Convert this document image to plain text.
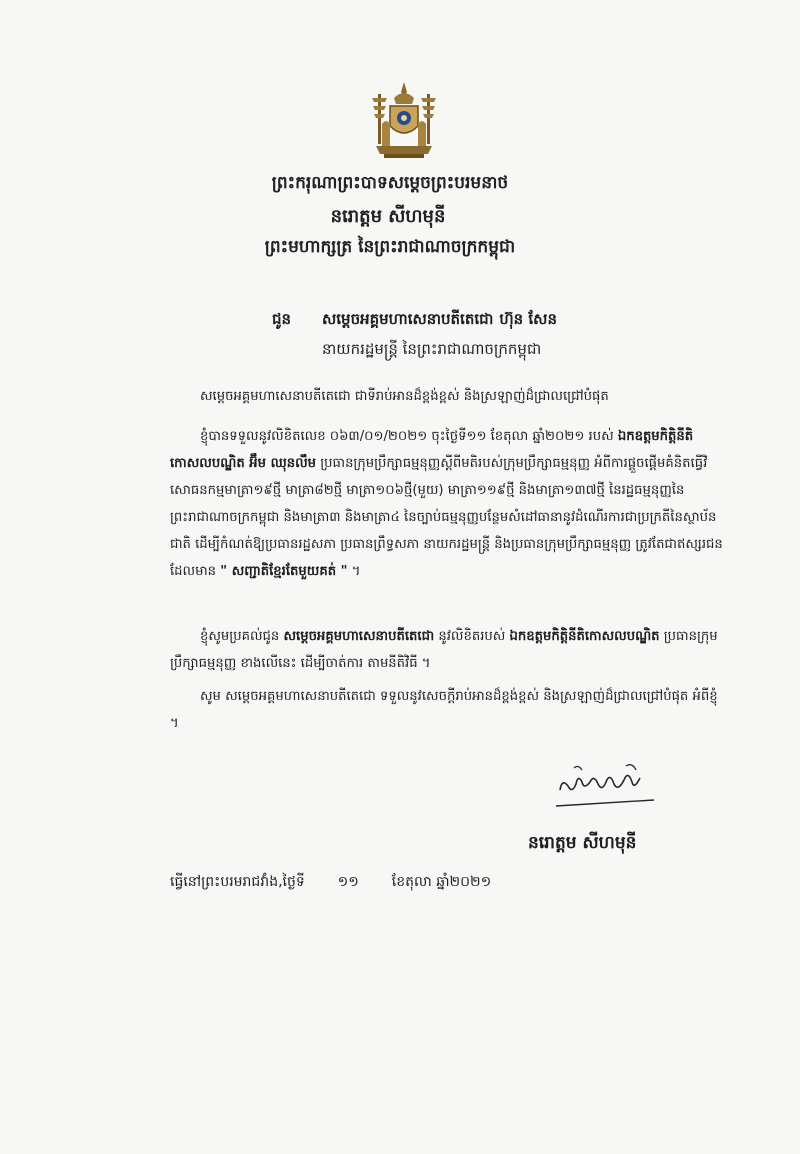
ព្រះករុណាព្រះបាទសម្តេចព្រះបរមនាថ
នរោត្តម សីហមុនី
ព្រះមហាក្សត្រ នៃព្រះរាជាណាចក្រកម្ពុជា
ជូន	សម្តេចអគ្គមហាសេនាបតីតេជោ ហ៊ុន សែន
នាយករដ្ឋមន្ត្រី នៃព្រះរាជាណាចក្រកម្ពុជា
សម្តេចអគ្គមហាសេនាបតីតេជោ ជាទីរាប់អានដ៏ខ្ពង់ខ្ពស់ និងស្រឡាញ់ដ៏ជ្រាលជ្រៅបំផុត
ខ្ញុំបានទទួលនូវលិខិតលេខ ០៦៣/០១/២០២១ ចុះថ្ងៃទី១១ ខែតុលា ឆ្នាំ២០២១ របស់ ឯកឧត្តមកិត្តិនីតិកោសលបណ្ឌិត អ៊ឹម ឈុនលឹម ប្រធានក្រុមប្រឹក្សាធម្មនុញ្ញស្តីពីមតិរបស់ក្រុមប្រឹក្សាធម្មនុញ្ញ អំពីការផ្តួចផ្តើមគំនិតធ្វើវិសោធនកម្មមាត្រា១៩ថ្មី មាត្រា៨២ថ្មី មាត្រា១០៦ថ្មី(មួយ) មាត្រា១១៩ថ្មី និងមាត្រា១៣៧ថ្មី នៃរដ្ឋធម្មនុញ្ញនៃព្រះរាជាណាចក្រកម្ពុជា និងមាត្រា៣ និងមាត្រា៤ នៃច្បាប់ធម្មនុញ្ញបន្ថែមសំដៅធានានូវដំណើរការជាប្រក្រតីនៃស្ថាប័នជាតិ ដើម្បីកំណត់ឱ្យប្រធានរដ្ឋសភា ប្រធានព្រឹទ្ធសភា នាយករដ្ឋមន្ត្រី និងប្រធានក្រុមប្រឹក្សាធម្មនុញ្ញ ត្រូវតែជាឥស្សរជនដែលមាន " សញ្ជាតិខ្មែរតែមួយគត់ " ។
ខ្ញុំសូមប្រគល់ជូន សម្តេចអគ្គមហាសេនាបតីតេជោ នូវលិខិតរបស់ ឯកឧត្តមកិត្តិនីតិកោសលបណ្ឌិត ប្រធានក្រុមប្រឹក្សាធម្មនុញ្ញ ខាងលើនេះ ដើម្បីចាត់ការ តាមនីតិវិធី ។
សូម សម្តេចអគ្គមហាសេនាបតីតេជោ ទទួលនូវសេចក្តីរាប់អានដ៏ខ្ពង់ខ្ពស់ និងស្រឡាញ់ដ៏ជ្រាលជ្រៅបំផុត អំពីខ្ញុំ ។
នរោត្តម សីហមុនី
ធ្វើនៅព្រះបរមរាជវាំង,ថ្ងៃទី ១១ ខែតុលា ឆ្នាំ២០២១
